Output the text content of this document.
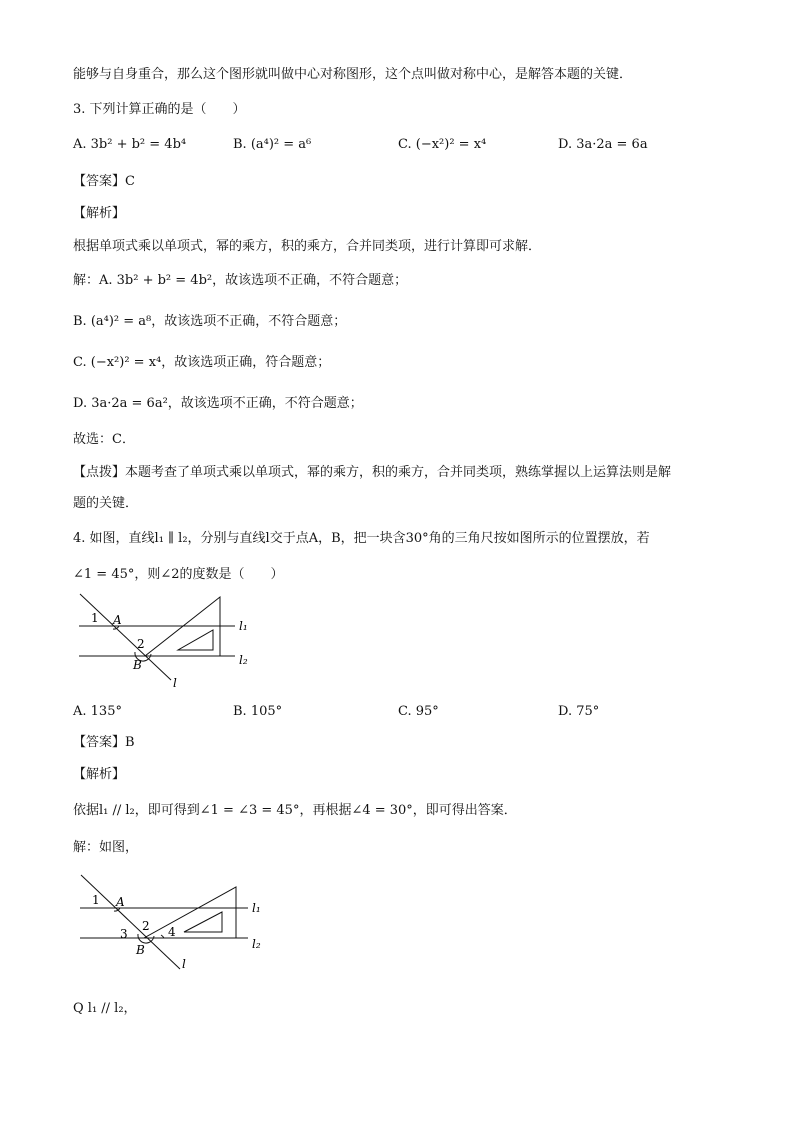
能够与自身重合，那么这个图形就叫做中心对称图形，这个点叫做对称中心，是解答本题的关键．
3. 下列计算正确的是（　　）
A. 3b² + b² = 4b⁴	B. (a⁴)² = a⁶	C. (−x²)² = x⁴	D. 3a·2a = 6a
【答案】C
【解析】
根据单项式乘以单项式，幂的乘方，积的乘方，合并同类项，进行计算即可求解．
解：A. 3b² + b² = 4b²，故该选项不正确，不符合题意；
B. (a⁴)² = a⁸，故该选项不正确，不符合题意；
C. (−x²)² = x⁴，故该选项正确，符合题意；
D. 3a·2a = 6a²，故该选项不正确，不符合题意；
故选：C．
【点拨】本题考查了单项式乘以单项式，幂的乘方，积的乘方，合并同类项，熟练掌握以上运算法则是解
题的关键．
4. 如图，直线l₁ ∥ l₂，分别与直线l交于点A，B，把一块含30°角的三角尺按如图所示的位置摆放，若
∠1 = 45°，则∠2的度数是（　　）
1 A
2
B
l₁
l₂
l
A. 135°	B. 105°	C. 95°	D. 75°
【答案】B
【解析】
依据l₁ // l₂，即可得到∠1 = ∠3 = 45°，再根据∠4 = 30°，即可得出答案．
解：如图，
1 A
2
3	4
B
l₁
l₂
l
Q l₁ // l₂，
